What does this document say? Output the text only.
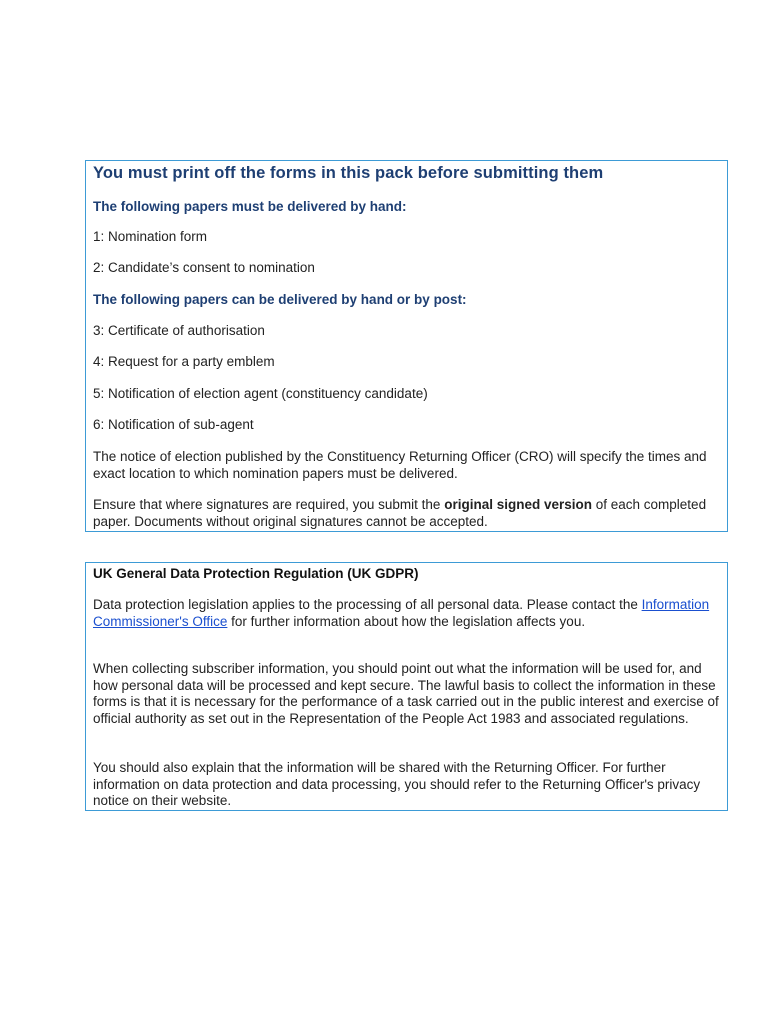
You must print off the forms in this pack before submitting them
The following papers must be delivered by hand:
1: Nomination form
2: Candidate’s consent to nomination
The following papers can be delivered by hand or by post:
3: Certificate of authorisation
4: Request for a party emblem
5: Notification of election agent (constituency candidate)
6: Notification of sub-agent
The notice of election published by the Constituency Returning Officer (CRO) will specify the times and exact location to which nomination papers must be delivered.
Ensure that where signatures are required, you submit the original signed version of each completed paper. Documents without original signatures cannot be accepted.
UK General Data Protection Regulation (UK GDPR)
Data protection legislation applies to the processing of all personal data. Please contact the Information Commissioner's Office for further information about how the legislation affects you.
When collecting subscriber information, you should point out what the information will be used for, and how personal data will be processed and kept secure. The lawful basis to collect the information in these forms is that it is necessary for the performance of a task carried out in the public interest and exercise of official authority as set out in the Representation of the People Act 1983 and associated regulations.
You should also explain that the information will be shared with the Returning Officer. For further information on data protection and data processing, you should refer to the Returning Officer's privacy notice on their website.
